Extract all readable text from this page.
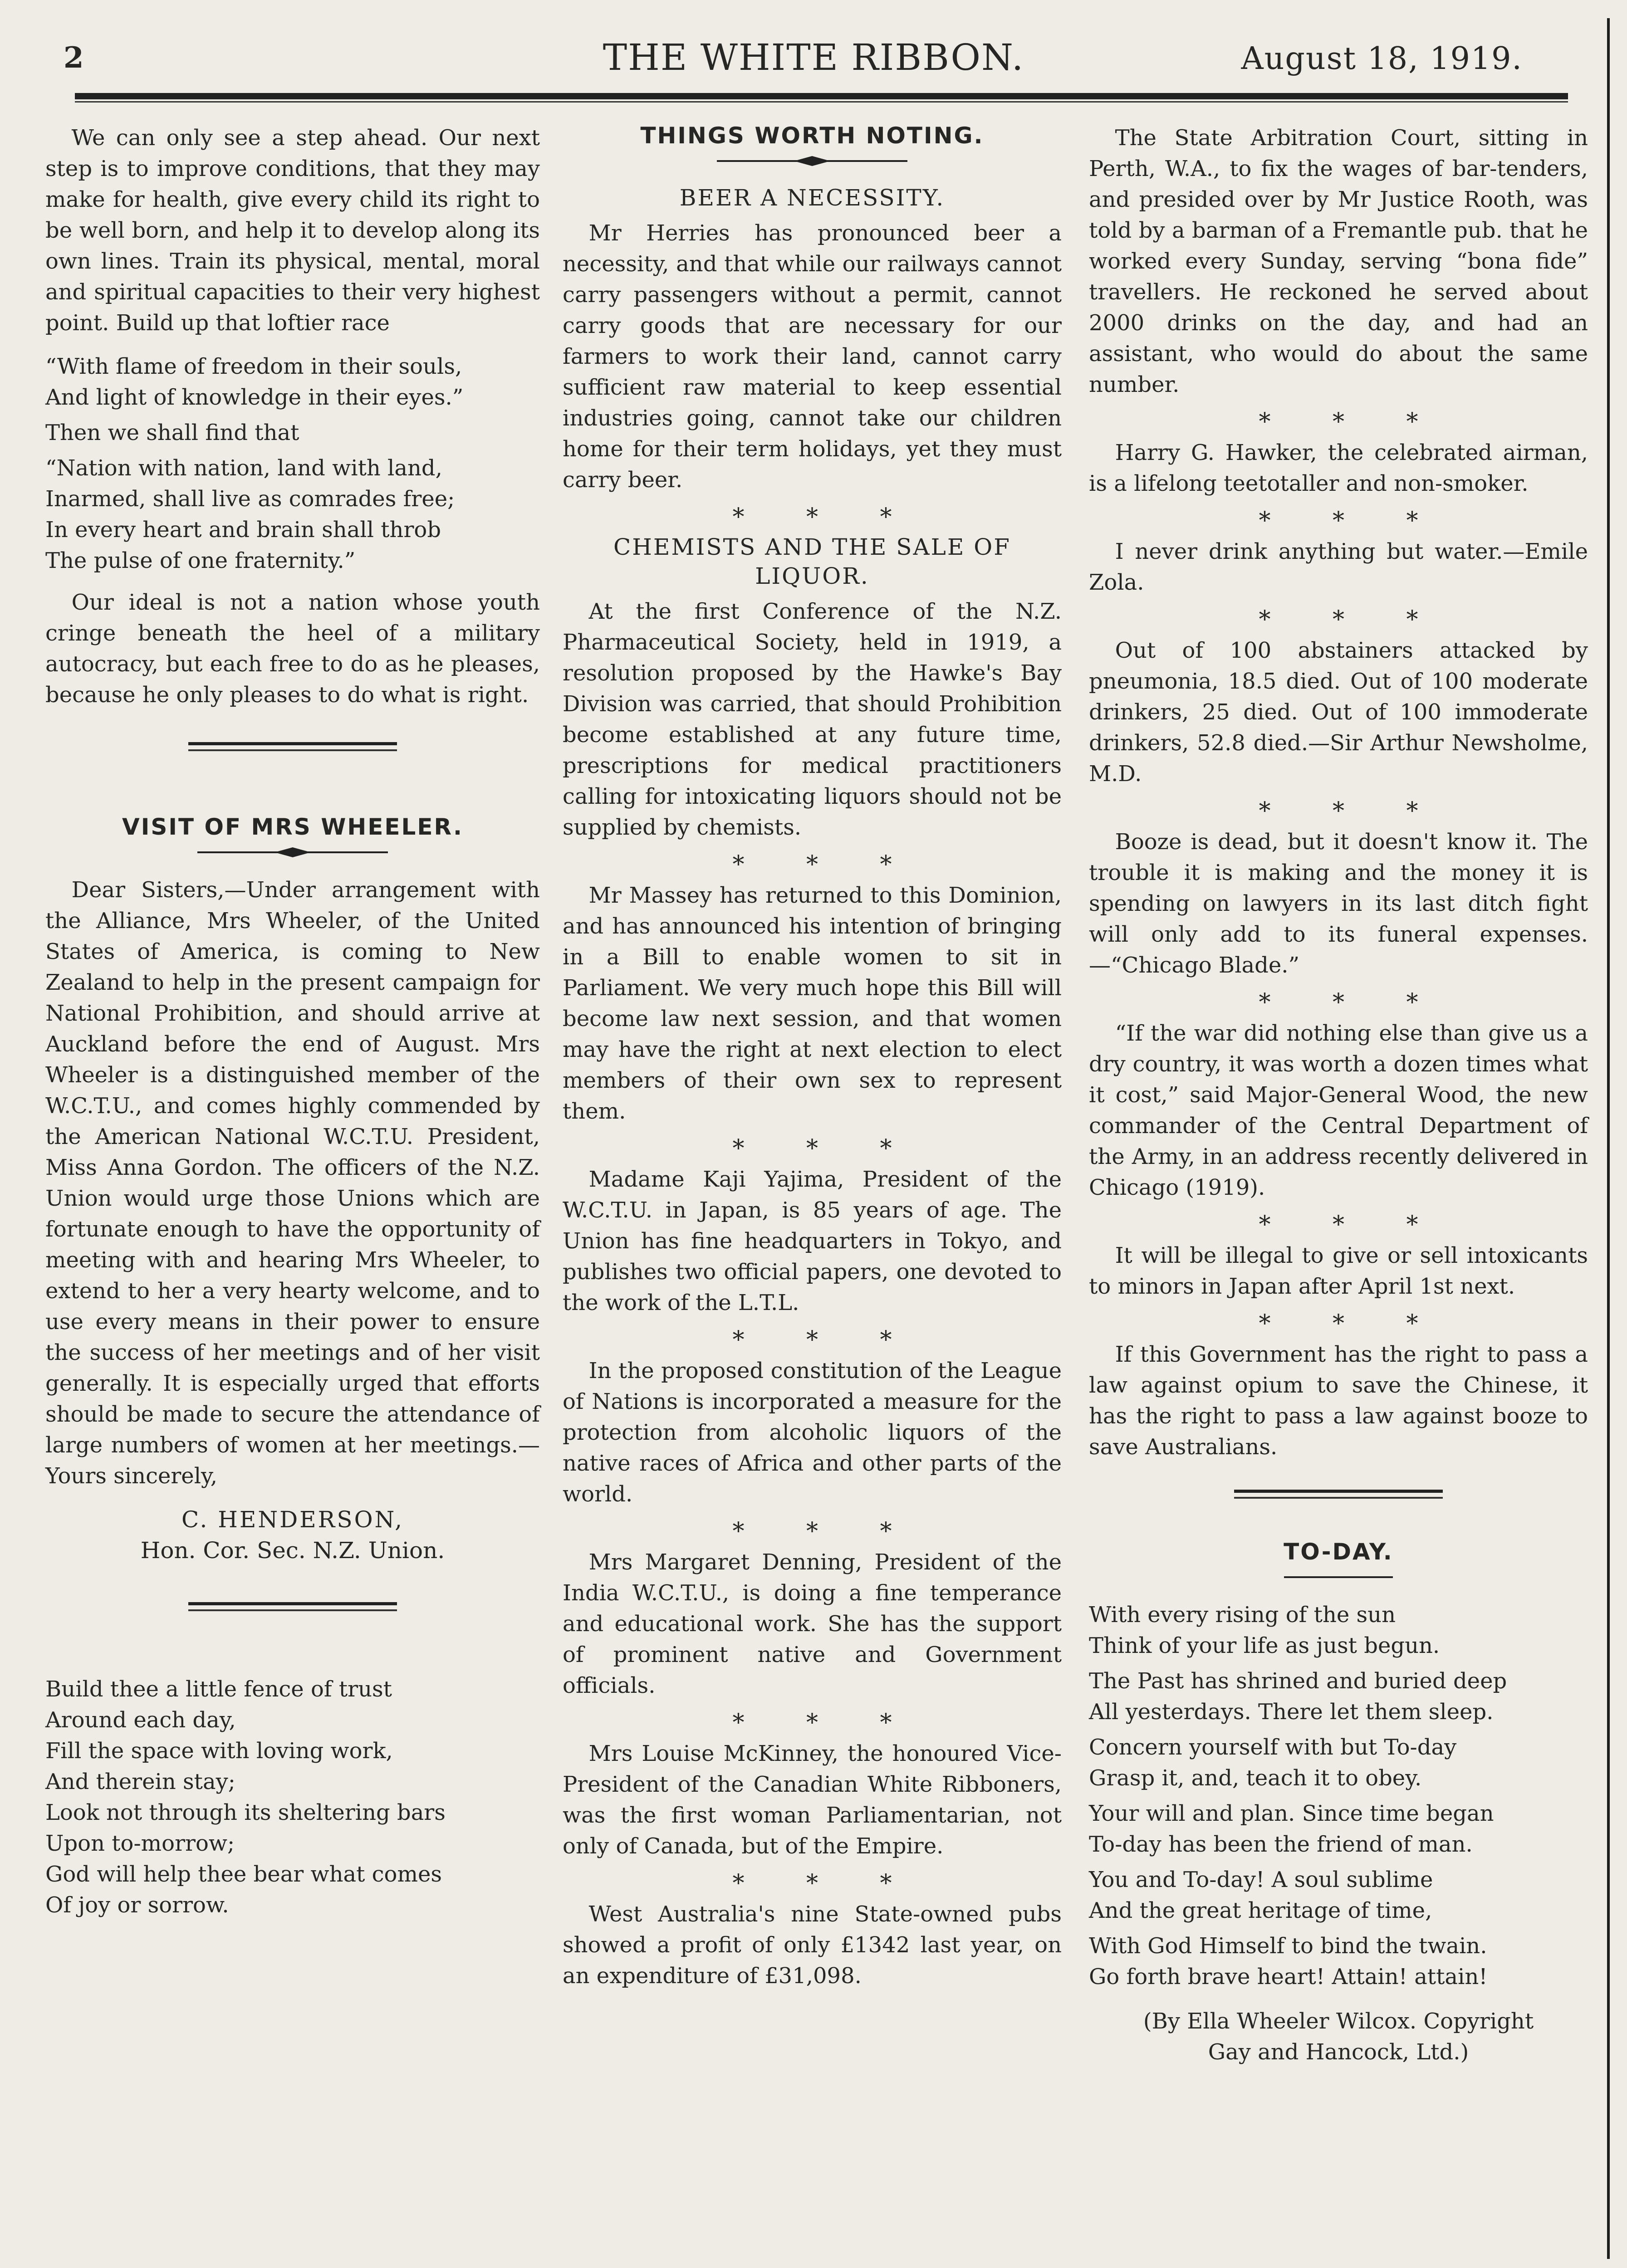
2	THE WHITE RIBBON.	August 18, 1919.

We can only see a step ahead. Our next step is to improve conditions, that they may make for health, give every child its right to be well born, and help it to develop along its own lines. Train its physical, mental, moral and spiritual capacities to their very highest point. Build up that loftier race

“With flame of freedom in their souls,
And light of knowledge in their eyes.”
Then we shall find that
“Nation with nation, land with land,
Inarmed, shall live as comrades free;
In every heart and brain shall throb
The pulse of one fraternity.”

Our ideal is not a nation whose youth cringe beneath the heel of a military autocracy, but each free to do as he pleases, because he only pleases to do what is right.

VISIT OF MRS WHEELER.

Dear Sisters,—Under arrangement with the Alliance, Mrs Wheeler, of the United States of America, is coming to New Zealand to help in the present campaign for National Prohibition, and should arrive at Auckland before the end of August. Mrs Wheeler is a distinguished member of the W.C.T.U., and comes highly commended by the American National W.C.T.U. President, Miss Anna Gordon. The officers of the N.Z. Union would urge those Unions which are fortunate enough to have the opportunity of meeting with and hearing Mrs Wheeler, to extend to her a very hearty welcome, and to use every means in their power to ensure the success of her meetings and of her visit generally. It is especially urged that efforts should be made to secure the attendance of large numbers of women at her meetings.—Yours sincerely,

C. HENDERSON,
Hon. Cor. Sec. N.Z. Union.
Build thee a little fence of trust
Around each day,
Fill the space with loving work,
And therein stay;
Look not through its sheltering bars
Upon to-morrow;
God will help thee bear what comes
Of joy or sorrow.
THINGS WORTH NOTING.
BEER A NECESSITY.

Mr Herries has pronounced beer a necessity, and that while our railways cannot carry passengers without a permit, cannot carry goods that are necessary for our farmers to work their land, cannot carry sufficient raw material to keep essential industries going, cannot take our children home for their term holidays, yet they must carry beer.

* * *
CHEMISTS AND THE SALE OF LIQUOR.

At the first Conference of the N.Z. Pharmaceutical Society, held in 1919, a resolution proposed by the Hawke's Bay Division was carried, that should Prohibition become established at any future time, prescriptions for medical practitioners calling for intoxicating liquors should not be supplied by chemists.

* * *

Mr Massey has returned to this Dominion, and has announced his intention of bringing in a Bill to enable women to sit in Parliament. We very much hope this Bill will become law next session, and that women may have the right at next election to elect members of their own sex to represent them.

* * *

Madame Kaji Yajima, President of the W.C.T.U. in Japan, is 85 years of age. The Union has fine headquarters in Tokyo, and publishes two official papers, one devoted to the work of the L.T.L.

* * *

In the proposed constitution of the League of Nations is incorporated a measure for the protection from alcoholic liquors of the native races of Africa and other parts of the world.

* * *

Mrs Margaret Denning, President of the India W.C.T.U., is doing a fine temperance and educational work. She has the support of prominent native and Government officials.

* * *

Mrs Louise McKinney, the honoured Vice-President of the Canadian White Ribboners, was the first woman Parliamentarian, not only of Canada, but of the Empire.

* * *

West Australia's nine State-owned pubs showed a profit of only £1342 last year, on an expenditure of £31,098.

The State Arbitration Court, sitting in Perth, W.A., to fix the wages of bar-tenders, and presided over by Mr Justice Rooth, was told by a barman of a Fremantle pub. that he worked every Sunday, serving “bona fide” travellers. He reckoned he served about 2000 drinks on the day, and had an assistant, who would do about the same number.

* * *

Harry G. Hawker, the celebrated airman, is a lifelong teetotaller and non-smoker.

* * *

I never drink anything but water.—Emile Zola.

* * *

Out of 100 abstainers attacked by pneumonia, 18.5 died. Out of 100 moderate drinkers, 25 died. Out of 100 immoderate drinkers, 52.8 died.—Sir Arthur Newsholme, M.D.

* * *

Booze is dead, but it doesn't know it. The trouble it is making and the money it is spending on lawyers in its last ditch fight will only add to its funeral expenses.—“Chicago Blade.”

* * *

“If the war did nothing else than give us a dry country, it was worth a dozen times what it cost,” said Major-General Wood, the new commander of the Central Department of the Army, in an address recently delivered in Chicago (1919).

* * *

It will be illegal to give or sell intoxicants to minors in Japan after April 1st next.

* * *

If this Government has the right to pass a law against opium to save the Chinese, it has the right to pass a law against booze to save Australians.

TO-DAY.
With every rising of the sun
Think of your life as just begun.
The Past has shrined and buried deep
All yesterdays. There let them sleep.
Concern yourself with but To-day
Grasp it, and, teach it to obey.
Your will and plan. Since time began
To-day has been the friend of man.
You and To-day! A soul sublime
And the great heritage of time,
With God Himself to bind the twain.
Go forth brave heart! Attain! attain!
(By Ella Wheeler Wilcox. Copyright
Gay and Hancock, Ltd.)
